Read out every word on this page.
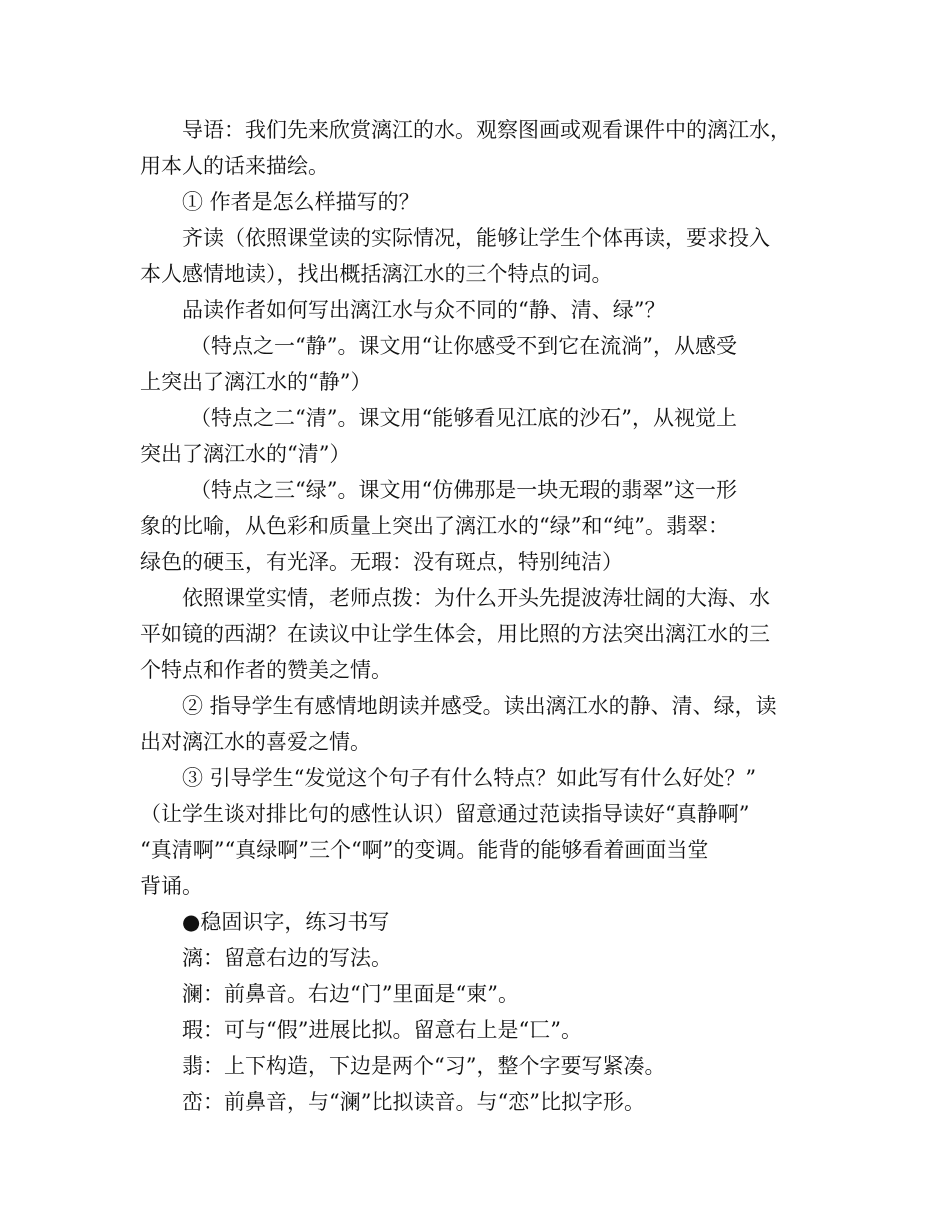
导语：我们先来欣赏漓江的水。观察图画或观看课件中的漓江水，
用本人的话来描绘。
① 作者是怎么样描写的？
齐读（依照课堂读的实际情况，能够让学生个体再读，要求投入
本人感情地读），找出概括漓江水的三个特点的词。
品读作者如何写出漓江水与众不同的“静、清、绿”？
（特点之一“静”。课文用“让你感受不到它在流淌”，从感受
上突出了漓江水的“静”）
（特点之二“清”。课文用“能够看见江底的沙石”，从视觉上
突出了漓江水的“清”）
（特点之三“绿”。课文用“仿佛那是一块无瑕的翡翠”这一形
象的比喻，从色彩和质量上突出了漓江水的“绿”和“纯”。翡翠：
绿色的硬玉，有光泽。无瑕：没有斑点，特别纯洁）
依照课堂实情，老师点拨：为什么开头先提波涛壮阔的大海、水
平如镜的西湖？在读议中让学生体会，用比照的方法突出漓江水的三
个特点和作者的赞美之情。
② 指导学生有感情地朗读并感受。读出漓江水的静、清、绿，读
出对漓江水的喜爱之情。
③ 引导学生“发觉这个句子有什么特点？如此写有什么好处？”
（让学生谈对排比句的感性认识）留意通过范读指导读好“真静啊”
“真清啊”“真绿啊”三个“啊”的变调。能背的能够看着画面当堂
背诵。
●稳固识字，练习书写
漓：留意右边的写法。
澜：前鼻音。右边“门”里面是“柬”。
瑕：可与“假”进展比拟。留意右上是“匸”。
翡：上下构造，下边是两个“习”，整个字要写紧凑。
峦：前鼻音，与“澜”比拟读音。与“恋”比拟字形。
